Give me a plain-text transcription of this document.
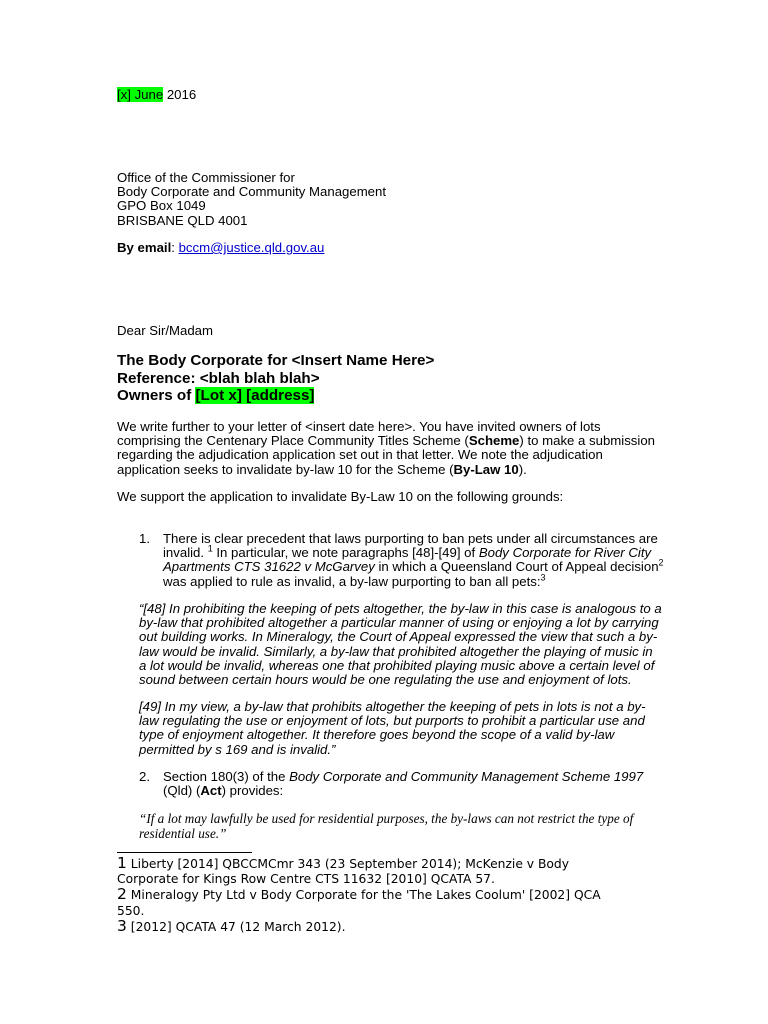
[x] June 2016
Office of the Commissioner for
Body Corporate and Community Management
GPO Box 1049
BRISBANE QLD 4001
By email: bccm@justice.qld.gov.au
Dear Sir/Madam
The Body Corporate for <Insert Name Here>
Reference: <blah blah blah>
Owners of [Lot x] [address]
We write further to your letter of <insert date here>. You have invited owners of lots
comprising the Centenary Place Community Titles Scheme (Scheme) to make a submission
regarding the adjudication application set out in that letter. We note the adjudication
application seeks to invalidate by-law 10 for the Scheme (By-Law 10).
We support the application to invalidate By-Law 10 on the following grounds:
1. There is clear precedent that laws purporting to ban pets under all circumstances are
invalid. $^1$ In particular, we note paragraphs [48]-[49] of Body Corporate for River City
Apartments CTS 31622 v McGarvey in which a Queensland Court of Appeal decision$^2$
was applied to rule as invalid, a by-law purporting to ban all pets:$^3$
“[48] In prohibiting the keeping of pets altogether, the by-law in this case is analogous to a
by-law that prohibited altogether a particular manner of using or enjoying a lot by carrying
out building works. In Mineralogy, the Court of Appeal expressed the view that such a by-
law would be invalid. Similarly, a by-law that prohibited altogether the playing of music in
a lot would be invalid, whereas one that prohibited playing music above a certain level of
sound between certain hours would be one regulating the use and enjoyment of lots.
[49] In my view, a by-law that prohibits altogether the keeping of pets in lots is not a by-
law regulating the use or enjoyment of lots, but purports to prohibit a particular use and
type of enjoyment altogether. It therefore goes beyond the scope of a valid by-law
permitted by s 169 and is invalid.”
2. Section 180(3) of the Body Corporate and Community Management Scheme 1997
(Qld) (Act) provides:
“If a lot may lawfully be used for residential purposes, the by-laws can not restrict the type of
residential use.”
1 Liberty [2014] QBCCMCmr 343 (23 September 2014); McKenzie v Body
Corporate for Kings Row Centre CTS 11632 [2010] QCATA 57.
2 Mineralogy Pty Ltd v Body Corporate for the 'The Lakes Coolum' [2002] QCA
550.
3 [2012] QCATA 47 (12 March 2012).
